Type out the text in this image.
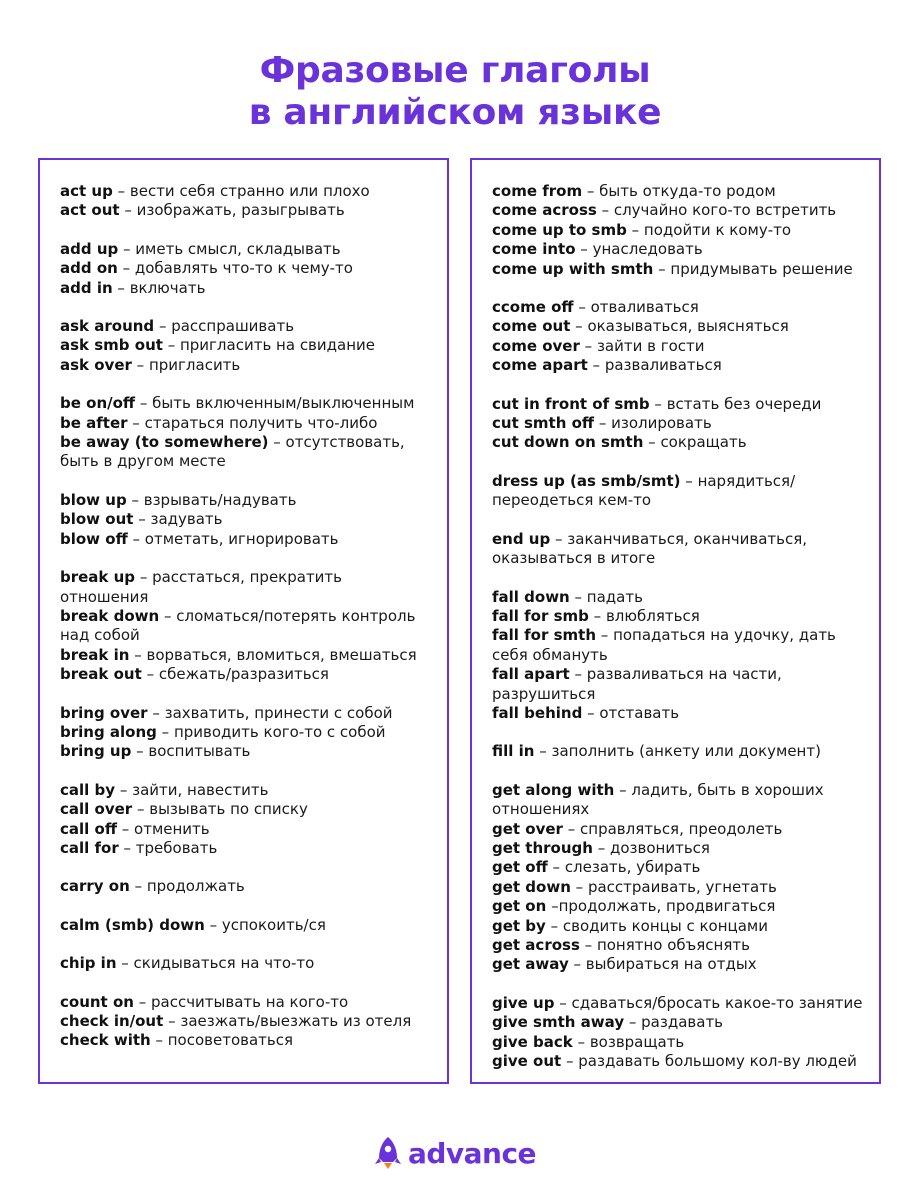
Фразовые глаголы
в английском языке
act up – вести себя странно или плохо
act out – изображать, разыгрывать
add up – иметь смысл, складывать
add on – добавлять что-то к чему-то
add in – включать
ask around – расспрашивать
ask smb out – пригласить на свидание
ask over – пригласить
be on/off – быть включенным/выключенным
be after – стараться получить что-либо
be away (to somewhere) – отсутствовать, быть в другом месте
blow up – взрывать/надувать
blow out – задувать
blow off – отметать, игнорировать
break up – расстаться, прекратить отношения
break down – сломаться/потерять контроль над собой
break in – ворваться, вломиться, вмешаться
break out – сбежать/разразиться
bring over – захватить, принести с собой
bring along – приводить кого-то с собой
bring up – воспитывать
call by – зайти, навестить
call over – вызывать по списку
call off – отменить
call for – требовать
carry on – продолжать
calm (smb) down – успокоить/ся
chip in – скидываться на что-то
count on – рассчитывать на кого-то
check in/out – заезжать/выезжать из отеля
check with – посоветоваться
come from – быть откуда-то родом
come across – случайно кого-то встретить
come up to smb – подойти к кому-то
come into – унаследовать
come up with smth – придумывать решение
ccome off – отваливаться
come out – оказываться, выясняться
come over – зайти в гости
come apart – разваливаться
cut in front of smb – встать без очереди
cut smth off – изолировать
cut down on smth – сокращать
dress up (as smb/smt) – нарядиться/ переодеться кем-то
end up – заканчиваться, оканчиваться, оказываться в итоге
fall down – падать
fall for smb – влюбляться
fall for smth – попадаться на удочку, дать себя обмануть
fall apart – разваливаться на части, разрушиться
fall behind – отставать
fill in – заполнить (анкету или документ)
get along with – ладить, быть в хороших отношениях
get over – справляться, преодолеть
get through – дозвониться
get off – слезать, убирать
get down – расстраивать, угнетать
get on –продолжать, продвигаться
get by – сводить концы с концами
get across – понятно объяснять
get away – выбираться на отдых
give up – сдаваться/бросать какое-то занятие
give smth away – раздавать
give back – возвращать
give out – раздавать большому кол-ву людей
advance
